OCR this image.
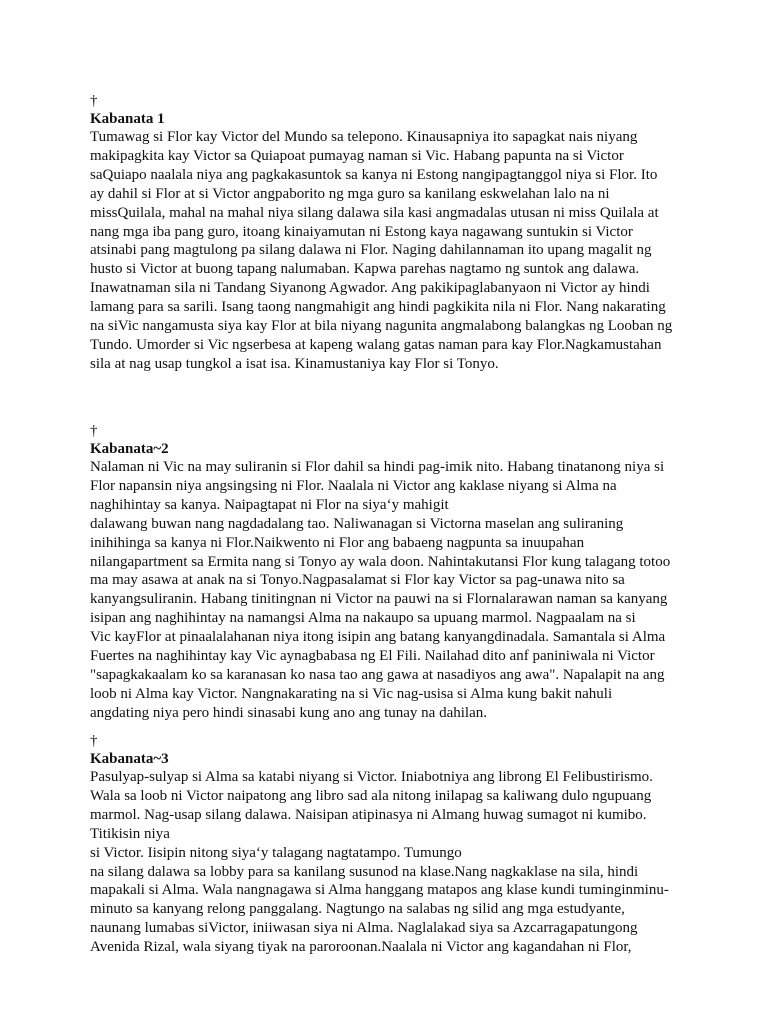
†
Kabanata 1
Tumawag si Flor kay Victor del Mundo sa telepono. Kinausapniya ito sapagkat nais niyang
makipagkita kay Victor sa Quiapoat pumayag naman si Vic. Habang papunta na si Victor
saQuiapo naalala niya ang pagkakasuntok sa kanya ni Estong nangipagtanggol niya si Flor. Ito
ay dahil si Flor at si Victor angpaborito ng mga guro sa kanilang eskwelahan lalo na ni
missQuilala, mahal na mahal niya silang dalawa sila kasi angmadalas utusan ni miss Quilala at
nang mga iba pang guro, itoang kinaiyamutan ni Estong kaya nagawang suntukin si Victor
atsinabi pang magtulong pa silang dalawa ni Flor. Naging dahilannaman ito upang magalit ng
husto si Victor at buong tapang nalumaban. Kapwa parehas nagtamo ng suntok ang dalawa.
Inawatnaman sila ni Tandang Siyanong Agwador. Ang pakikipaglabanyaon ni Victor ay hindi
lamang para sa sarili. Isang taong nangmahigit ang hindi pagkikita nila ni Flor. Nang nakarating
na siVic nangamusta siya kay Flor at bila niyang nagunita angmalabong balangkas ng Looban ng
Tundo. Umorder si Vic ngserbesa at kapeng walang gatas naman para kay Flor.Nagkamustahan
sila at nag usap tungkol a isat isa. Kinamustaniya kay Flor si Tonyo.
†
Kabanata~2
Nalaman ni Vic na may suliranin si Flor dahil sa hindi pag-imik nito. Habang tinatanong niya si
Flor napansin niya angsingsing ni Flor. Naalala ni Victor ang kaklase niyang si Alma na
naghihintay sa kanya. Naipagtapat ni Flor na siya‘y mahigit
dalawang buwan nang nagdadalang tao. Naliwanagan si Victorna maselan ang suliraning
inihihinga sa kanya ni Flor.Naikwento ni Flor ang babaeng nagpunta sa inuupahan
nilangapartment sa Ermita nang si Tonyo ay wala doon. Nahintakutansi Flor kung talagang totoo
ma may asawa at anak na si Tonyo.Nagpasalamat si Flor kay Victor sa pag-unawa nito sa
kanyangsuliranin. Habang tinitingnan ni Victor na pauwi na si Flornalarawan naman sa kanyang
isipan ang naghihintay na namangsi Alma na nakaupo sa upuang marmol. Nagpaalam na si
Vic kayFlor at pinaalalahanan niya itong isipin ang batang kanyangdinadala. Samantala si Alma
Fuertes na naghihintay kay Vic aynagbabasa ng El Fili. Nailahad dito anf paniniwala ni Victor
"sapagkakaalam ko sa karanasan ko nasa tao ang gawa at nasadiyos ang awa". Napalapit na ang
loob ni Alma kay Victor. Nangnakarating na si Vic nag-usisa si Alma kung bakit nahuli
angdating niya pero hindi sinasabi kung ano ang tunay na dahilan.
†
Kabanata~3
Pasulyap-sulyap si Alma sa katabi niyang si Victor. Iniabotniya ang librong El Felibustirismo.
Wala sa loob ni Victor naipatong ang libro sad ala nitong inilapag sa kaliwang dulo ngupuang
marmol. Nag-usap silang dalawa. Naisipan atipinasya ni Almang huwag sumagot ni kumibo.
Titikisin niya
si Victor. Iisipin nitong siya‘y talagang nagtatampo. Tumungo
na silang dalawa sa lobby para sa kanilang susunod na klase.Nang nagkaklase na sila, hindi
mapakali si Alma. Wala nangnagawa si Alma hanggang matapos ang klase kundi tuminginminu-
minuto sa kanyang relong panggalang. Nagtungo na salabas ng silid ang mga estudyante,
naunang lumabas siVictor, iniiwasan siya ni Alma. Naglalakad siya sa Azcarragapatungong
Avenida Rizal, wala siyang tiyak na paroroonan.Naalala ni Victor ang kagandahan ni Flor,
